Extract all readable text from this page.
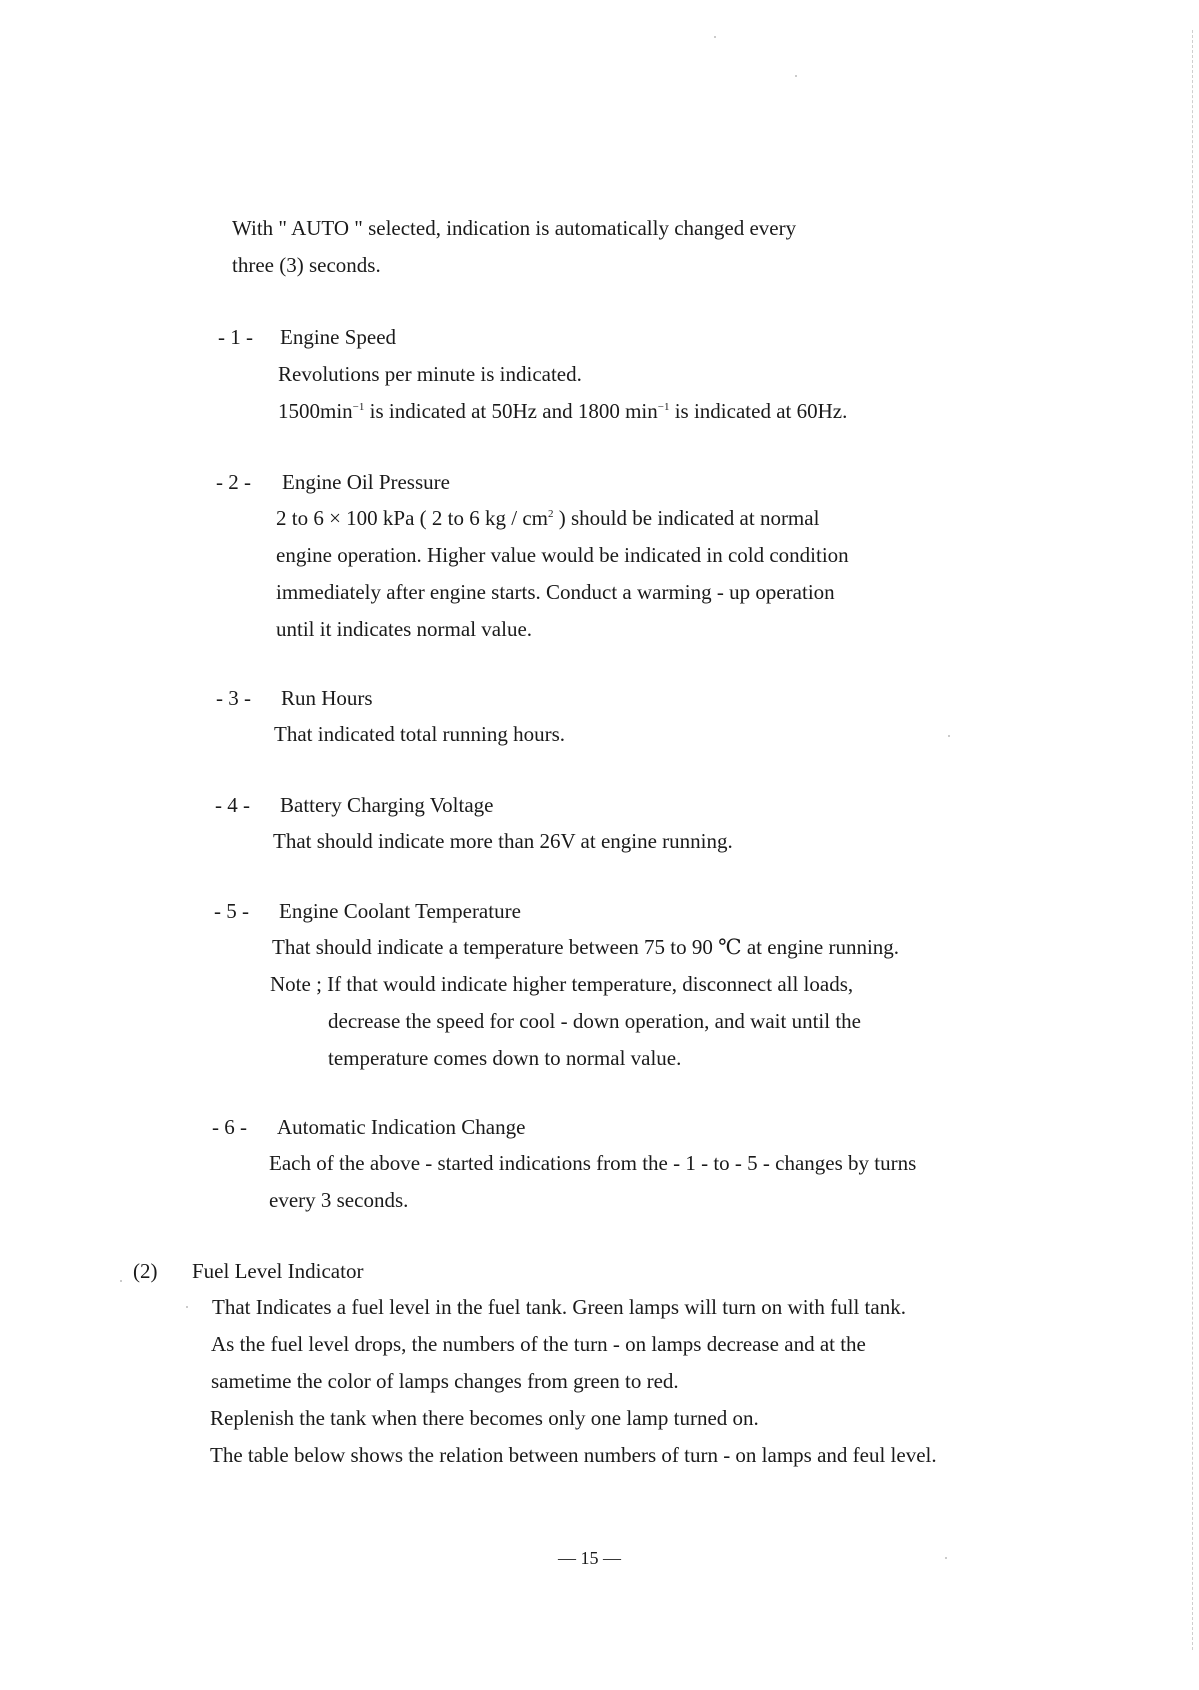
With " AUTO " selected, indication is automatically changed every
three (3) seconds.
- 1 - Engine Speed
Revolutions per minute is indicated.
$1500\min^{-1}$ is indicated at 50Hz and 1800 $\min^{-1}$ is indicated at 60Hz.
- 2 - Engine Oil Pressure
2 to 6 × 100 kPa ( 2 to 6 kg / $cm^2$ ) should be indicated at normal
engine operation. Higher value would be indicated in cold condition
immediately after engine starts. Conduct a warming - up operation
until it indicates normal value.
- 3 - Run Hours
That indicated total running hours.
- 4 - Battery Charging Voltage
That should indicate more than 26V at engine running.
- 5 - Engine Coolant Temperature
That should indicate a temperature between 75 to 90 ℃ at engine running.
Note ; If that would indicate higher temperature, disconnect all loads,
decrease the speed for cool - down operation, and wait until the
temperature comes down to normal value.
- 6 - Automatic Indication Change
Each of the above - started indications from the - 1 - to - 5 - changes by turns
every 3 seconds.
(2) Fuel Level Indicator
That Indicates a fuel level in the fuel tank. Green lamps will turn on with full tank.
As the fuel level drops, the numbers of the turn - on lamps decrease and at the
sametime the color of lamps changes from green to red.
Replenish the tank when there becomes only one lamp turned on.
The table below shows the relation between numbers of turn - on lamps and feul level.
— 15 —
